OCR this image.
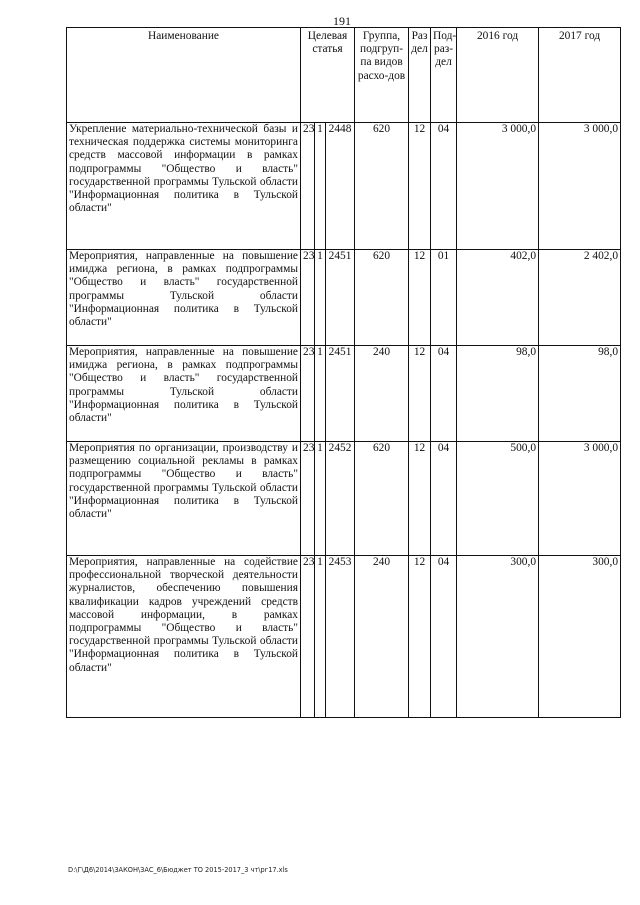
191
Наименование	Целевая статья			Группа, подгруп-па видов расхо-дов	Раз дел	Под-раз-дел	2016 год	2017 год
Укрепление материально-технической базы и техническая поддержка системы мониторинга средств массовой информации в рамках подпрограммы "Общество и власть" государственной программы Тульской области "Информационная политика в Тульской области"	23	1	2448	620	12	04	3 000,0	3 000,0
Мероприятия, направленные на повышение имиджа региона, в рамках подпрограммы "Общество и власть" государственной программы Тульской области "Информационная политика в Тульской области"	23	1	2451	620	12	01	402,0	2 402,0
Мероприятия, направленные на повышение имиджа региона, в рамках подпрограммы "Общество и власть" государственной программы Тульской области "Информационная политика в Тульской области"	23	1	2451	240	12	04	98,0	98,0
Мероприятия по организации, производству и размещению социальной рекламы в рамках подпрограммы "Общество и власть" государственной программы Тульской области "Информационная политика в Тульской области"	23	1	2452	620	12	04	500,0	3 000,0
Мероприятия, направленные на содействие профессиональной творческой деятельности журналистов, обеспечению повышения квалификации кадров учреждений средств массовой информации, в рамках подпрограммы "Общество и власть" государственной программы Тульской области "Информационная политика в Тульской области"	23	1	2453	240	12	04	300,0	300,0
D:\Г\Д6\2014\ЗАКОН\ЗАС_6\Бюджет ТО 2015-2017_3 чт\рг17.xls
